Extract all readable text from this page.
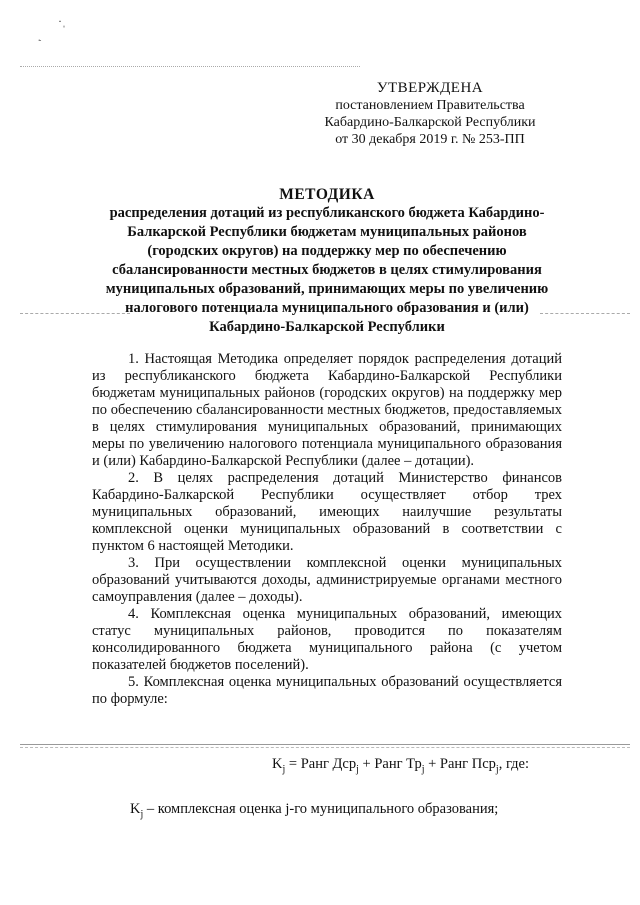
·ˌ
ˏ
УТВЕРЖДЕНА
постановлением Правительства
Кабардино-Балкарской Республики
от 30 декабря 2019 г. № 253-ПП
МЕТОДИКА
распределения дотаций из республиканского бюджета Кабардино-Балкарской Республики бюджетам муниципальных районов (городских округов) на поддержку мер по обеспечению сбалансированности местных бюджетов в целях стимулирования муниципальных образований, принимающих меры по увеличению налогового потенциала муниципального образования и (или) Кабардино-Балкарской Республики

1. Настоящая Методика определяет порядок распределения дотаций из республиканского бюджета Кабардино-Балкарской Республики бюджетам муниципальных районов (городских округов) на поддержку мер по обеспечению сбалансированности местных бюджетов, предоставляемых в целях стимулирования муниципальных образований, принимающих меры по увеличению налогового потенциала муниципального образования и (или) Кабардино-Балкарской Республики (далее – дотации).

2. В целях распределения дотаций Министерство финансов Кабардино-Балкарской Республики осуществляет отбор трех муниципальных образований, имеющих наилучшие результаты комплексной оценки муниципальных образований в соответствии с пунктом 6 настоящей Методики.

3. При осуществлении комплексной оценки муниципальных образований учитываются доходы, администрируемые органами местного самоуправления (далее – доходы).

4. Комплексная оценка муниципальных образований, имеющих статус муниципальных районов, проводится по показателям консолидированного бюджета муниципального района (с учетом показателей бюджетов поселений).

5. Комплексная оценка муниципальных образований осуществляется по формуле:

$K_j$ = Ранг Дср$_j$ + Ранг $Тр_j$ + Ранг Пср$_j$, где:
$K_j$ – комплексная оценка j-го муниципального образования;
